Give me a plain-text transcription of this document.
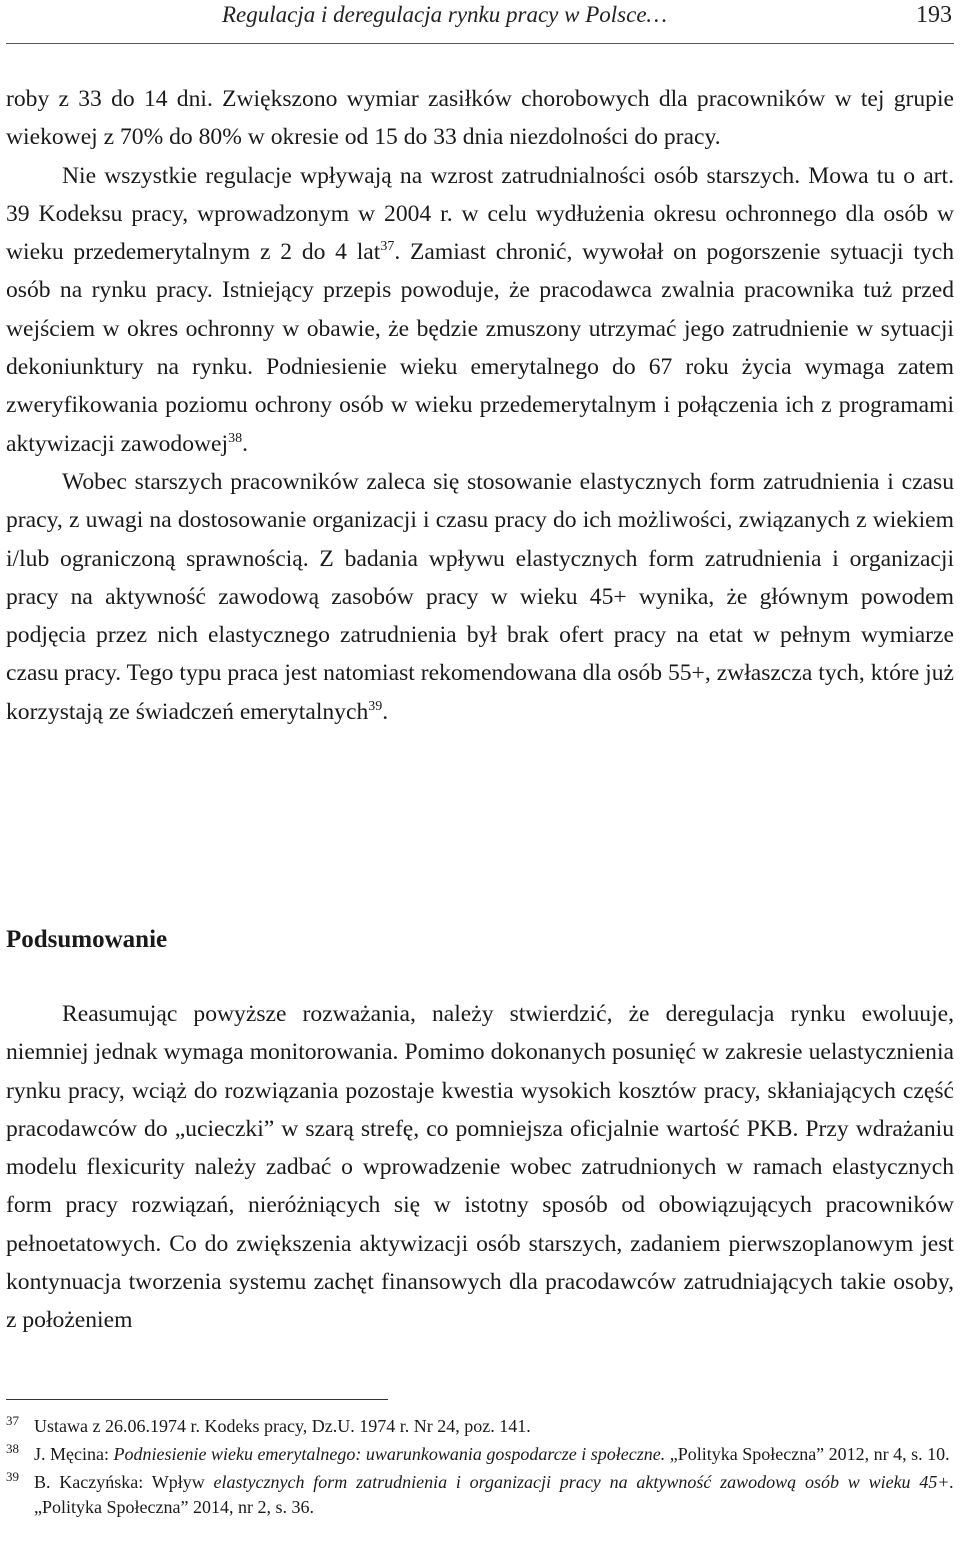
Regulacja i deregulacja rynku pracy w Polsce…	193

roby z 33 do 14 dni. Zwiększono wymiar zasiłków chorobowych dla pracowników w tej grupie wiekowej z 70% do 80% w okresie od 15 do 33 dnia niezdolności do pracy.

Nie wszystkie regulacje wpływają na wzrost zatrudnialności osób starszych. Mowa tu o art. 39 Kodeksu pracy, wprowadzonym w 2004 r. w celu wydłużenia okresu ochronnego dla osób w wieku przedemerytalnym z 2 do 4 lat$^{37}$. Zamiast chronić, wywołał on pogorszenie sytuacji tych osób na rynku pracy. Istniejący przepis powoduje, że pracodawca zwalnia pracownika tuż przed wejściem w okres ochronny w obawie, że będzie zmuszony utrzymać jego zatrudnienie w sytuacji dekoniunktury na rynku. Podniesienie wieku emerytalnego do 67 roku życia wymaga zatem zweryfikowania poziomu ochrony osób w wieku przedemerytalnym i połączenia ich z programami aktywizacji zawodowej$^{38}$.

Wobec starszych pracowników zaleca się stosowanie elastycznych form zatrudnienia i czasu pracy, z uwagi na dostosowanie organizacji i czasu pracy do ich możliwości, związanych z wiekiem i/lub ograniczoną sprawnością. Z badania wpływu elastycznych form zatrudnienia i organizacji pracy na aktywność zawodową zasobów pracy w wieku 45+ wynika, że głównym powodem podjęcia przez nich elastycznego zatrudnienia był brak ofert pracy na etat w pełnym wymiarze czasu pracy. Tego typu praca jest natomiast rekomendowana dla osób 55+, zwłaszcza tych, które już korzystają ze świadczeń emerytalnych$^{39}$.

Podsumowanie

Reasumując powyższe rozważania, należy stwierdzić, że deregulacja rynku ewoluuje, niemniej jednak wymaga monitorowania. Pomimo dokonanych posunięć w zakresie uelastycznienia rynku pracy, wciąż do rozwiązania pozostaje kwestia wysokich kosztów pracy, skłaniających część pracodawców do „ucieczki” w szarą strefę, co pomniejsza oficjalnie wartość PKB. Przy wdrażaniu modelu flexicurity należy zadbać o wprowadzenie wobec zatrudnionych w ramach elastycznych form pracy rozwiązań, nieróżniących się w istotny sposób od obowiązujących pracowników pełnoetatowych. Co do zwiększenia aktywizacji osób starszych, zadaniem pierwszoplanowym jest kontynuacja tworzenia systemu zachęt finansowych dla pracodawców zatrudniających takie osoby, z położeniem

37 Ustawa z 26.06.1974 r. Kodeks pracy, Dz.U. 1974 r. Nr 24, poz. 141.
38 J. Męcina: Podniesienie wieku emerytalnego: uwarunkowania gospodarcze i społeczne. „Polityka Społeczna” 2012, nr 4, s. 10.
39 B. Kaczyńska: Wpływ elastycznych form zatrudnienia i organizacji pracy na aktywność zawodową osób w wieku 45+. „Polityka Społeczna” 2014, nr 2, s. 36.
